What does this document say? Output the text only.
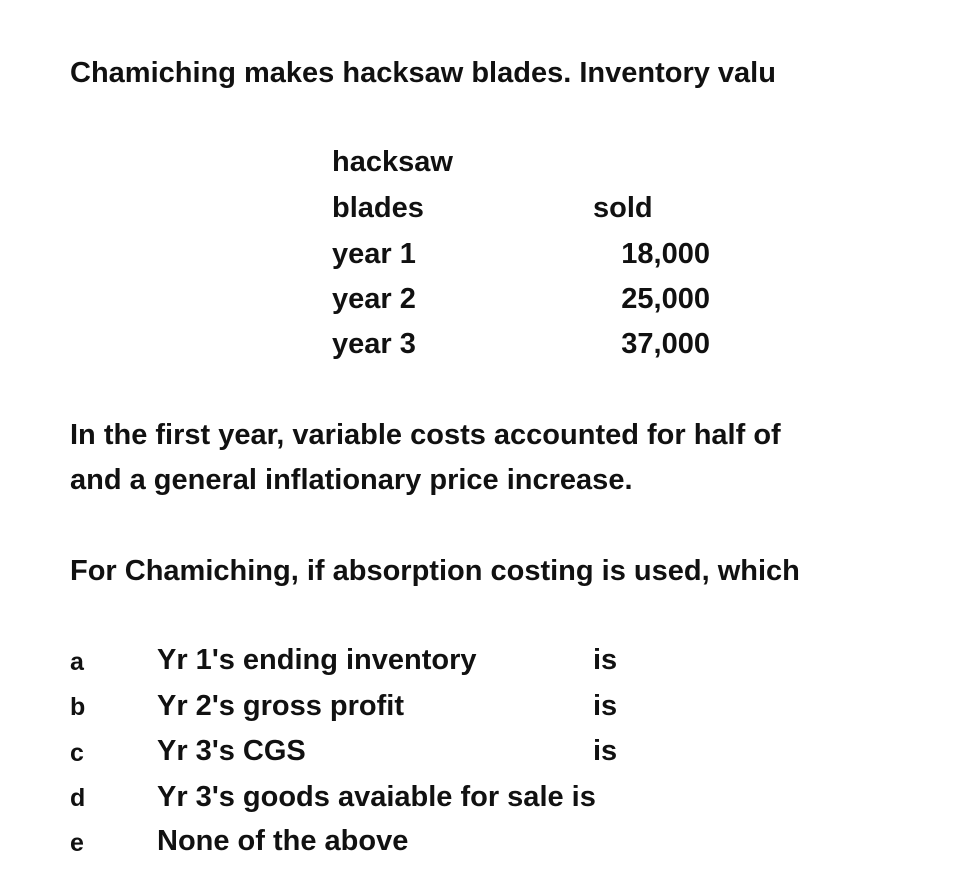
Chamiching makes hacksaw blades. Inventory valu
hacksaw
blades	sold
year 1	18,000
year 2	25,000
year 3	37,000
In the first year, variable costs accounted for half of
and a general inflationary price increase.
For Chamiching, if absorption costing is used, which
a	Yr 1's ending inventory	is
b Yr 2's gross profit	is
c	Yr 3's CGS	is
d Yr 3's goods avaiable for sale is
e	None of the above
